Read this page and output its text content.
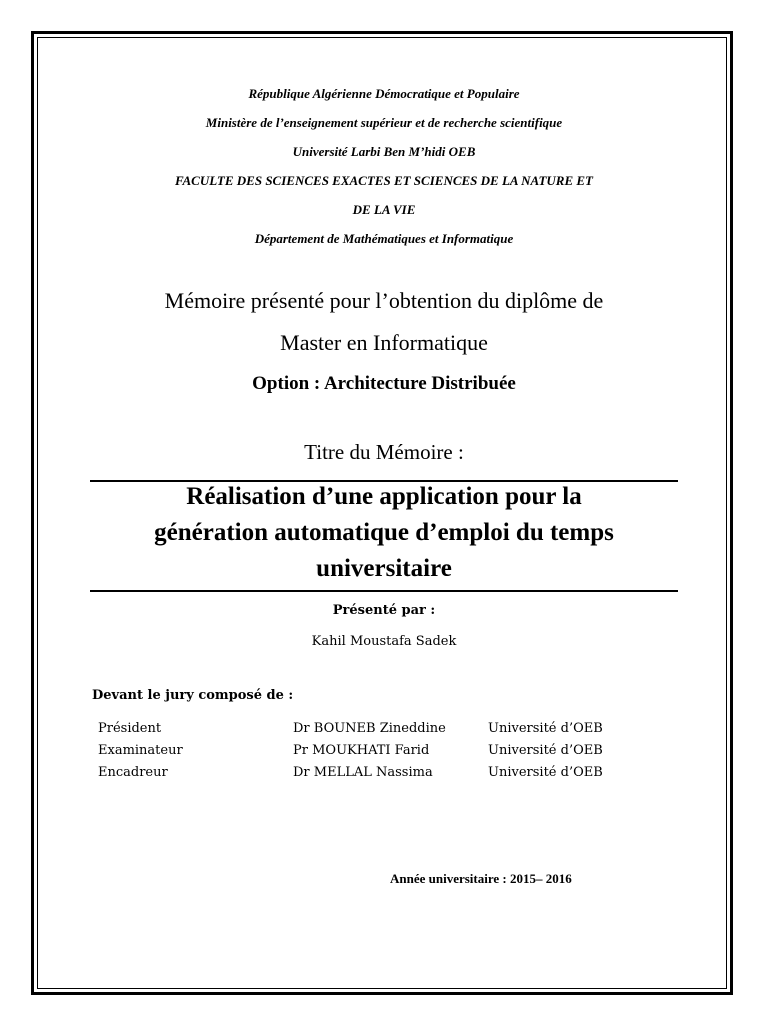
République Algérienne Démocratique et Populaire
Ministère de l’enseignement supérieur et de recherche scientifique
Université Larbi Ben M’hidi OEB
FACULTE DES SCIENCES EXACTES ET SCIENCES DE LA NATURE ET
DE LA VIE
Département de Mathématiques et Informatique
Mémoire présenté pour l’obtention du diplôme de
Master en Informatique
Option : Architecture Distribuée
Titre du Mémoire :
Réalisation d’une application pour la
génération automatique d’emploi du temps
universitaire
Présenté par :
Kahil Moustafa Sadek
Devant le jury composé de :
Président	Dr BOUNEB Zineddine	Université d’OEB
Examinateur	Pr MOUKHATI Farid	Université d’OEB
Encadreur	Dr MELLAL Nassima	Université d’OEB
Année universitaire : 2015– 2016
